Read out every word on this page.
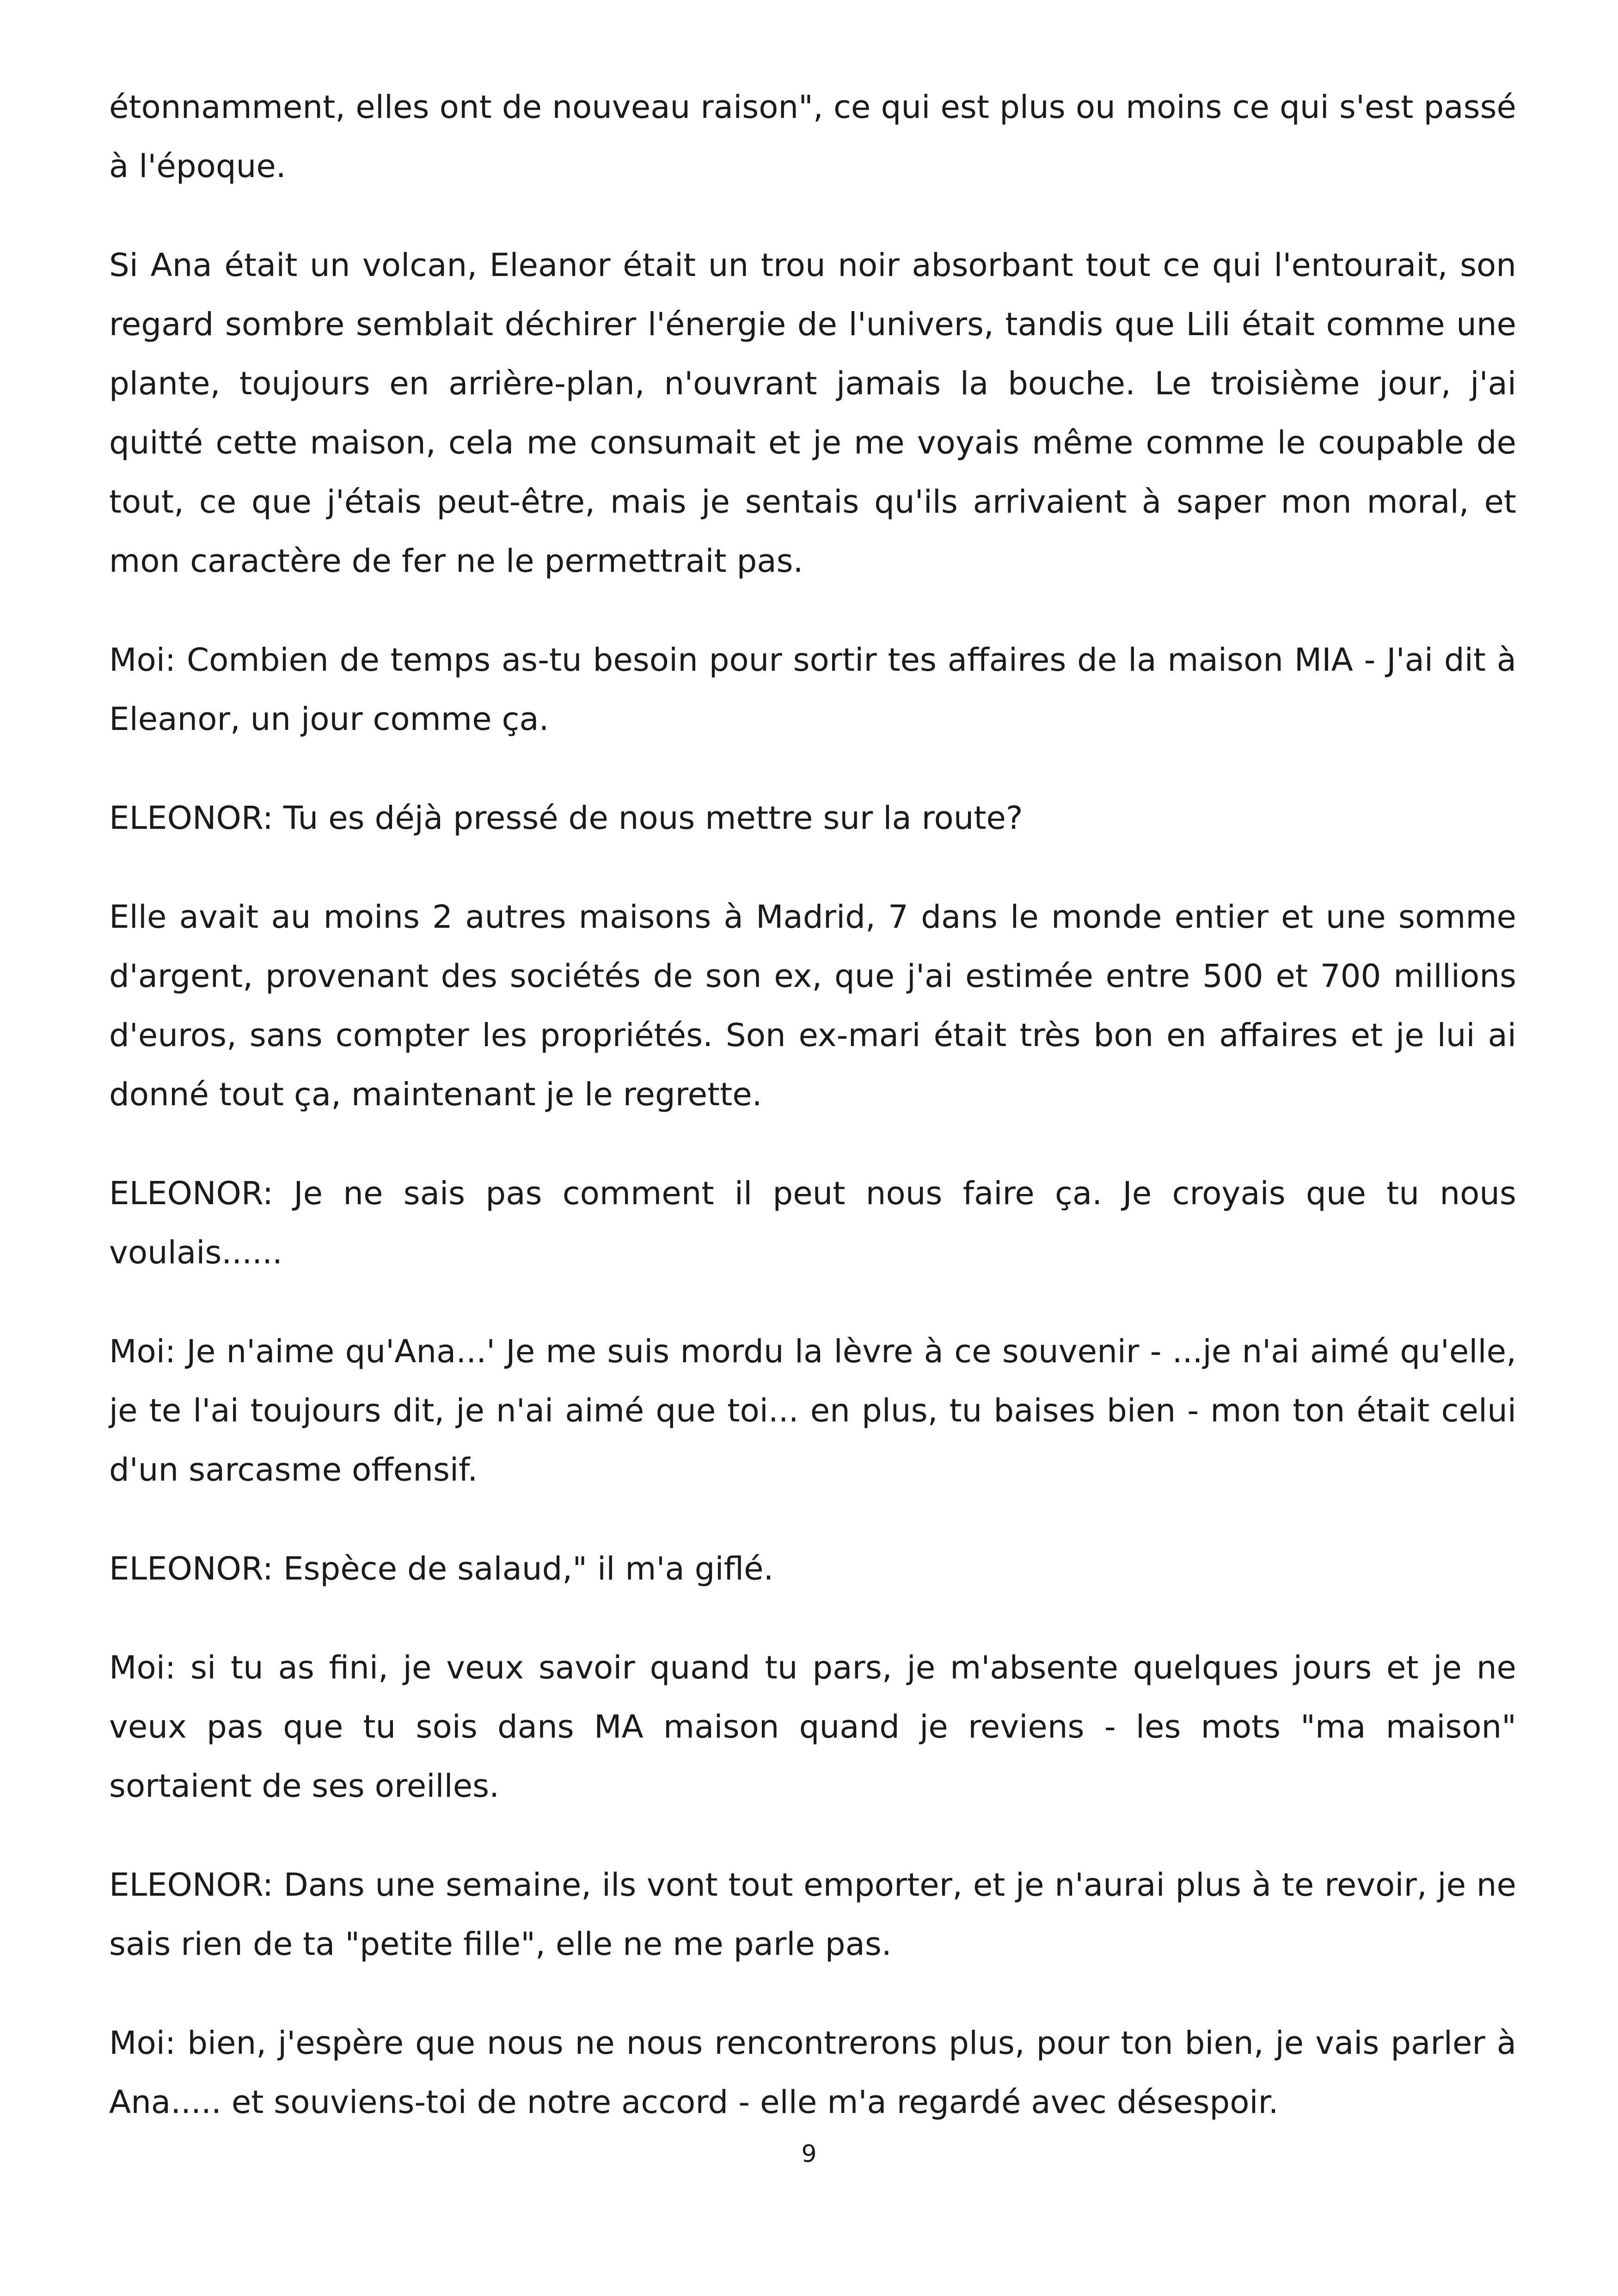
étonnamment, elles ont de nouveau raison", ce qui est plus ou moins ce qui s'est passé à l'époque.

Si Ana était un volcan, Eleanor était un trou noir absorbant tout ce qui l'entourait, son regard sombre semblait déchirer l'énergie de l'univers, tandis que Lili était comme une plante, toujours en arrière-plan, n'ouvrant jamais la bouche. Le troisième jour, j'ai quitté cette maison, cela me consumait et je me voyais même comme le coupable de tout, ce que j'étais peut-être, mais je sentais qu'ils arrivaient à saper mon moral, et mon caractère de fer ne le permettrait pas.

Moi: Combien de temps as-tu besoin pour sortir tes affaires de la maison MIA - J'ai dit à Eleanor, un jour comme ça.

ELEONOR: Tu es déjà pressé de nous mettre sur la route?

Elle avait au moins 2 autres maisons à Madrid, 7 dans le monde entier et une somme d'argent, provenant des sociétés de son ex, que j'ai estimée entre 500 et 700 millions d'euros, sans compter les propriétés. Son ex-mari était très bon en affaires et je lui ai donné tout ça, maintenant je le regrette.

ELEONOR: Je ne sais pas comment il peut nous faire ça. Je croyais que tu nous voulais......

Moi: Je n'aime qu'Ana...' Je me suis mordu la lèvre à ce souvenir - ...je n'ai aimé qu'elle, je te l'ai toujours dit, je n'ai aimé que toi... en plus, tu baises bien - mon ton était celui d'un sarcasme offensif.

ELEONOR: Espèce de salaud," il m'a giflé.

Moi: si tu as fini, je veux savoir quand tu pars, je m'absente quelques jours et je ne veux pas que tu sois dans MA maison quand je reviens - les mots "ma maison" sortaient de ses oreilles.

ELEONOR: Dans une semaine, ils vont tout emporter, et je n'aurai plus à te revoir, je ne sais rien de ta "petite fille", elle ne me parle pas.

Moi: bien, j'espère que nous ne nous rencontrerons plus, pour ton bien, je vais parler à Ana..... et souviens-toi de notre accord - elle m'a regardé avec désespoir.

9
